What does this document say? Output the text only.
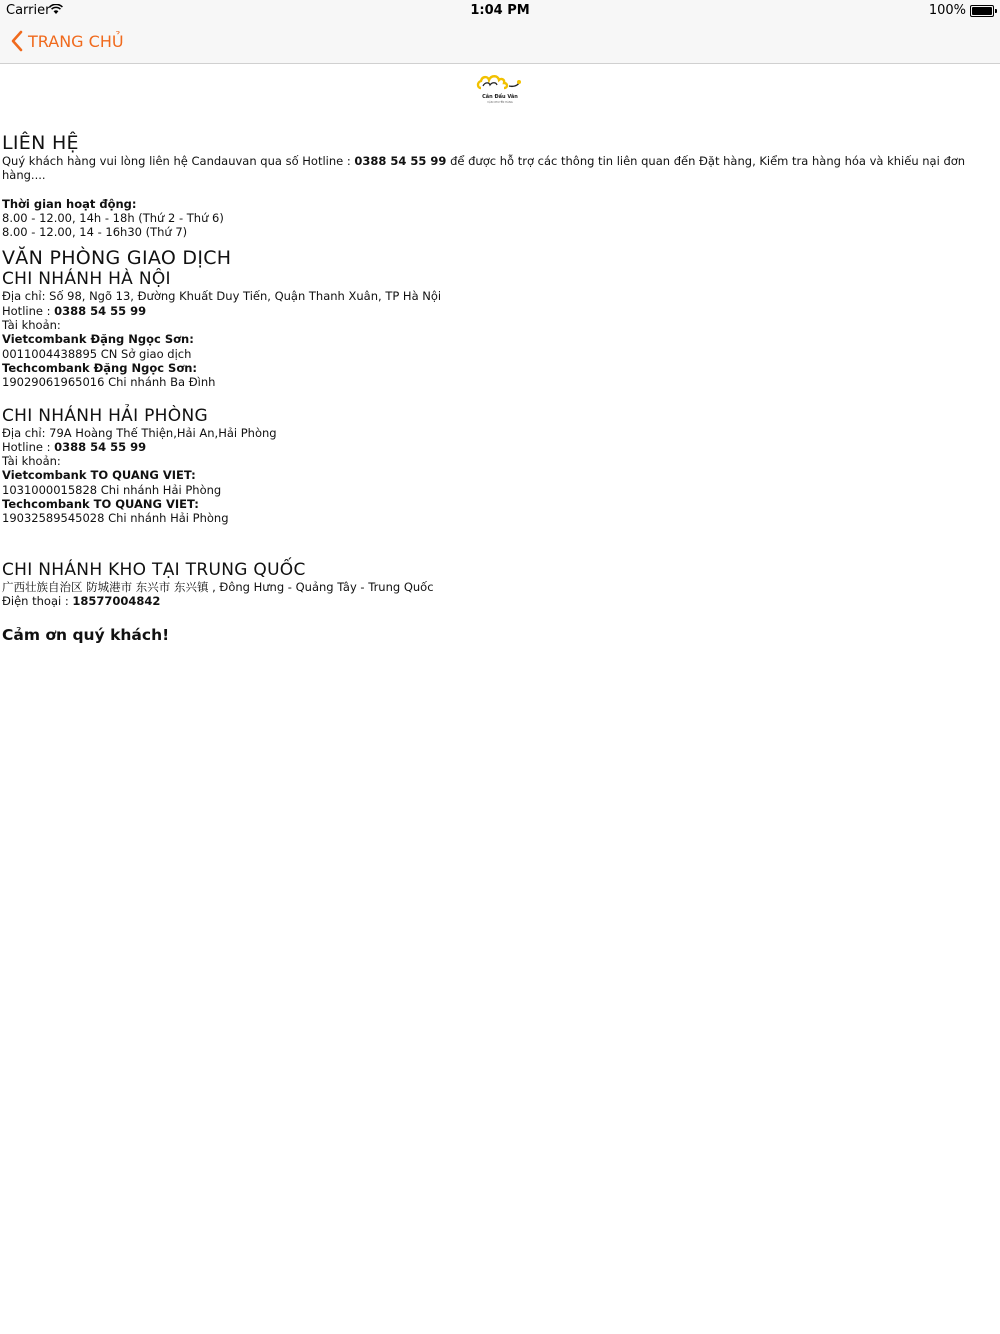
Carrier	1:04 PM	100%
TRANG CHỦ
Cân Đẩu Vân
VẬN CHUYỂN HÀNG
LIÊN HỆ
Quý khách hàng vui lòng liên hệ Candauvan qua số Hotline : 0388 54 55 99 để được hỗ trợ các thông tin liên quan đến Đặt hàng, Kiểm tra hàng hóa và khiếu nại đơn hàng....
Thời gian hoạt động:
8.00 - 12.00, 14h - 18h (Thứ 2 - Thứ 6)
8.00 - 12.00, 14 - 16h30 (Thứ 7)
VĂN PHÒNG GIAO DỊCH
CHI NHÁNH HÀ NỘI
Địa chỉ: Số 98, Ngõ 13, Đường Khuất Duy Tiến, Quận Thanh Xuân, TP Hà Nội
Hotline : 0388 54 55 99
Tài khoản:
Vietcombank Đặng Ngọc Sơn:
0011004438895 CN Sở giao dịch
Techcombank Đặng Ngọc Sơn:
19029061965016 Chi nhánh Ba Đình
CHI NHÁNH HẢI PHÒNG
Địa chỉ: 79A Hoàng Thế Thiện,Hải An,Hải Phòng
Hotline : 0388 54 55 99
Tài khoản:
Vietcombank TO QUANG VIET:
1031000015828 Chi nhánh Hải Phòng
Techcombank TO QUANG VIET:
19032589545028 Chi nhánh Hải Phòng
CHI NHÁNH KHO TẠI TRUNG QUỐC
广西壮族自治区 防城港市 东兴市 东兴镇 , Đông Hưng - Quảng Tây - Trung Quốc
Điện thoại : 18577004842
Cảm ơn quý khách!
